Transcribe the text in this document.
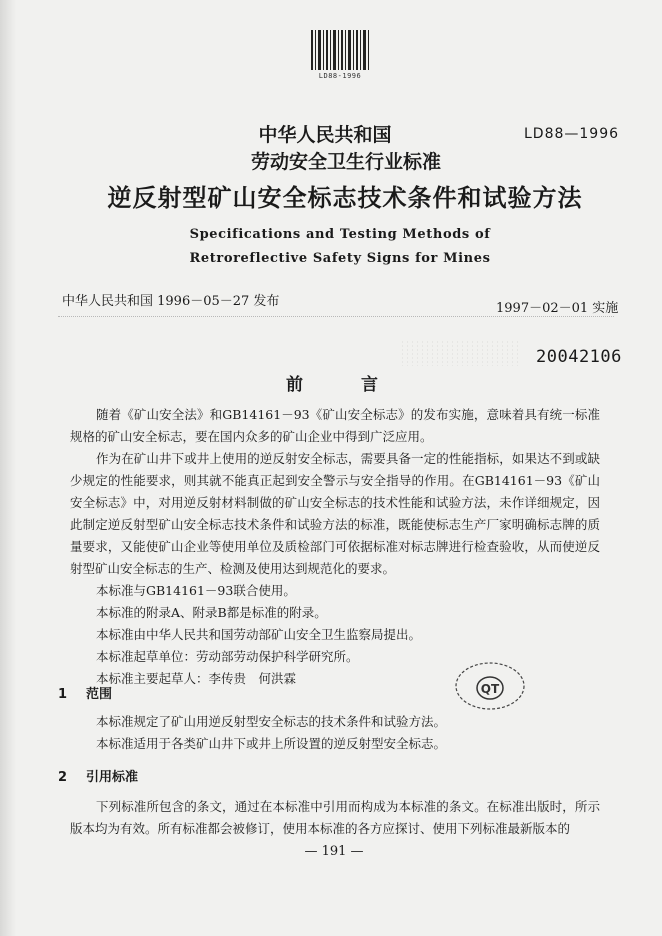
LD88-1996
LD88—1996
中华人民共和国
劳动安全卫生行业标准
逆反射型矿山安全标志技术条件和试验方法
Specifications and Testing Methods of
Retroreflective Safety Signs for Mines
中华人民共和国 1996－05－27 发布	1997－02－01 实施
20042106
前言

随着《矿山安全法》和GB14161－93《矿山安全标志》的发布实施，意味着具有统一标准规格的矿山安全标志，要在国内众多的矿山企业中得到广泛应用。

作为在矿山井下或井上使用的逆反射安全标志，需要具备一定的性能指标，如果达不到或缺少规定的性能要求，则其就不能真正起到安全警示与安全指导的作用。在GB14161－93《矿山安全标志》中，对用逆反射材料制做的矿山安全标志的技术性能和试验方法，未作详细规定，因此制定逆反射型矿山安全标志技术条件和试验方法的标准，既能使标志生产厂家明确标志牌的质量要求，又能使矿山企业等使用单位及质检部门可依据标准对标志牌进行检查验收，从而使逆反射型矿山安全标志的生产、检测及使用达到规范化的要求。

本标准与GB14161－93联合使用。

本标准的附录A、附录B都是标准的附录。

本标准由中华人民共和国劳动部矿山安全卫生监察局提出。

本标准起草单位：劳动部劳动保护科学研究所。

本标准主要起草人：李传贵　何洪霖

1 范围

本标准规定了矿山用逆反射型安全标志的技术条件和试验方法。

本标准适用于各类矿山井下或井上所设置的逆反射型安全标志。

2 引用标准

下列标准所包含的条文，通过在本标准中引用而构成为本标准的条文。在标准出版时，所示版本均为有效。所有标准都会被修订，使用本标准的各方应探讨、使用下列标准最新版本的

QT
— 191 —
